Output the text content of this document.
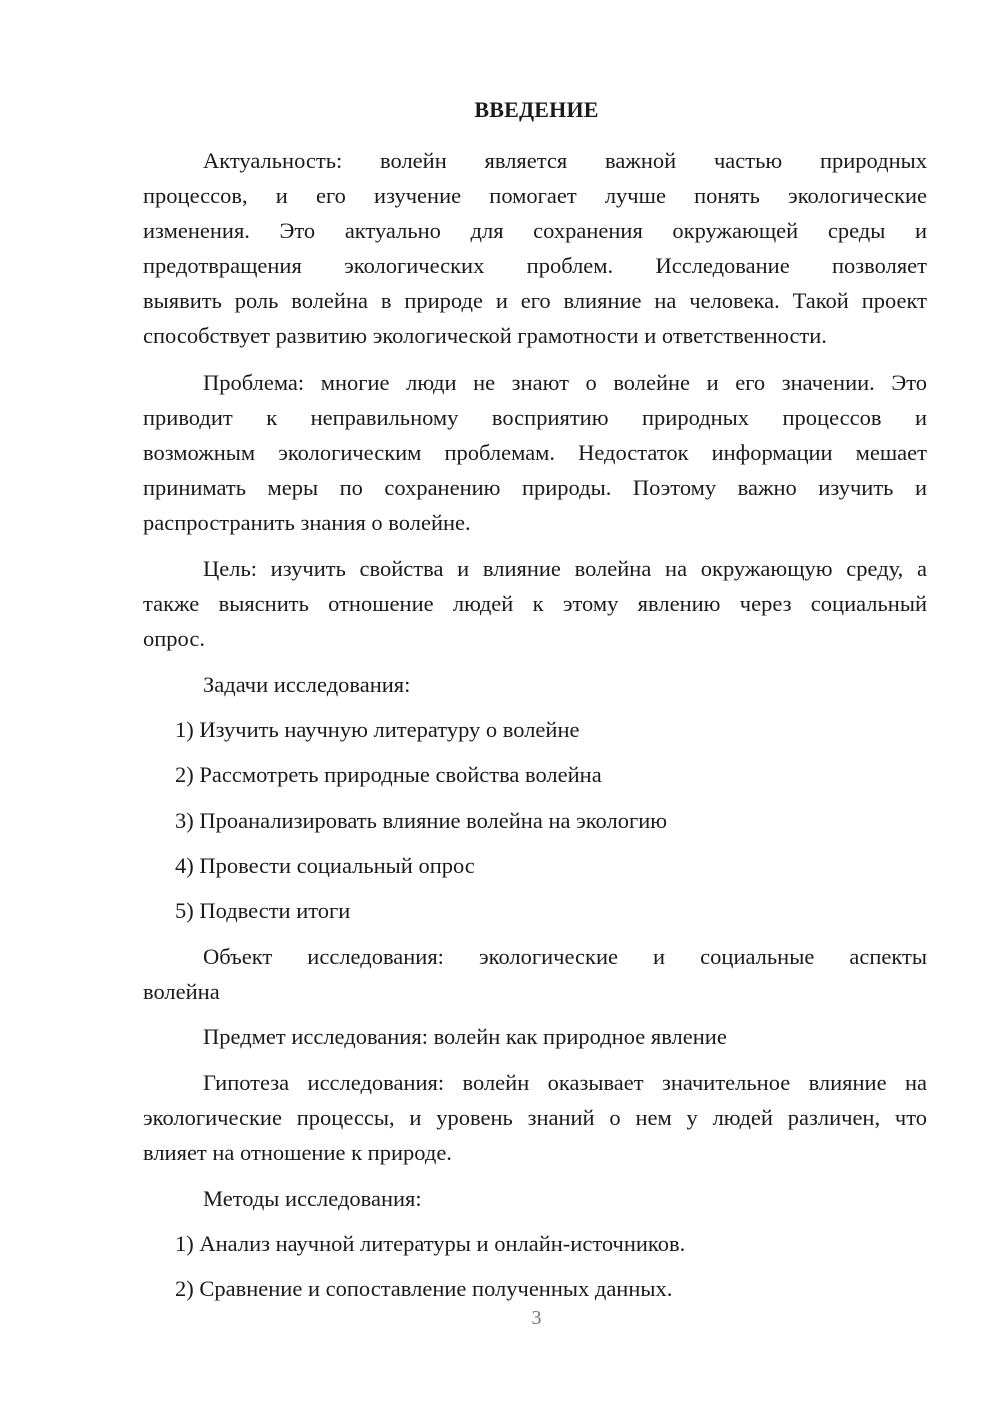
ВВЕДЕНИЕ
Актуальность: волейн является важной частью природных
процессов, и его изучение помогает лучше понять экологические
изменения. Это актуально для сохранения окружающей среды и
предотвращения экологических проблем. Исследование позволяет
выявить роль волейна в природе и его влияние на человека. Такой проект
способствует развитию экологической грамотности и ответственности.
Проблема: многие люди не знают о волейне и его значении. Это
приводит к неправильному восприятию природных процессов и
возможным экологическим проблемам. Недостаток информации мешает
принимать меры по сохранению природы. Поэтому важно изучить и
распространить знания о волейне.
Цель: изучить свойства и влияние волейна на окружающую среду, а
также выяснить отношение людей к этому явлению через социальный
опрос.
Задачи исследования:
1) Изучить научную литературу о волейне
2) Рассмотреть природные свойства волейна
3) Проанализировать влияние волейна на экологию
4) Провести социальный опрос
5) Подвести итоги
Объект исследования: экологические и социальные аспекты
волейна
Предмет исследования: волейн как природное явление
Гипотеза исследования: волейн оказывает значительное влияние на
экологические процессы, и уровень знаний о нем у людей различен, что
влияет на отношение к природе.
Методы исследования:
1) Анализ научной литературы и онлайн-источников.
2) Сравнение и сопоставление полученных данных.
3
